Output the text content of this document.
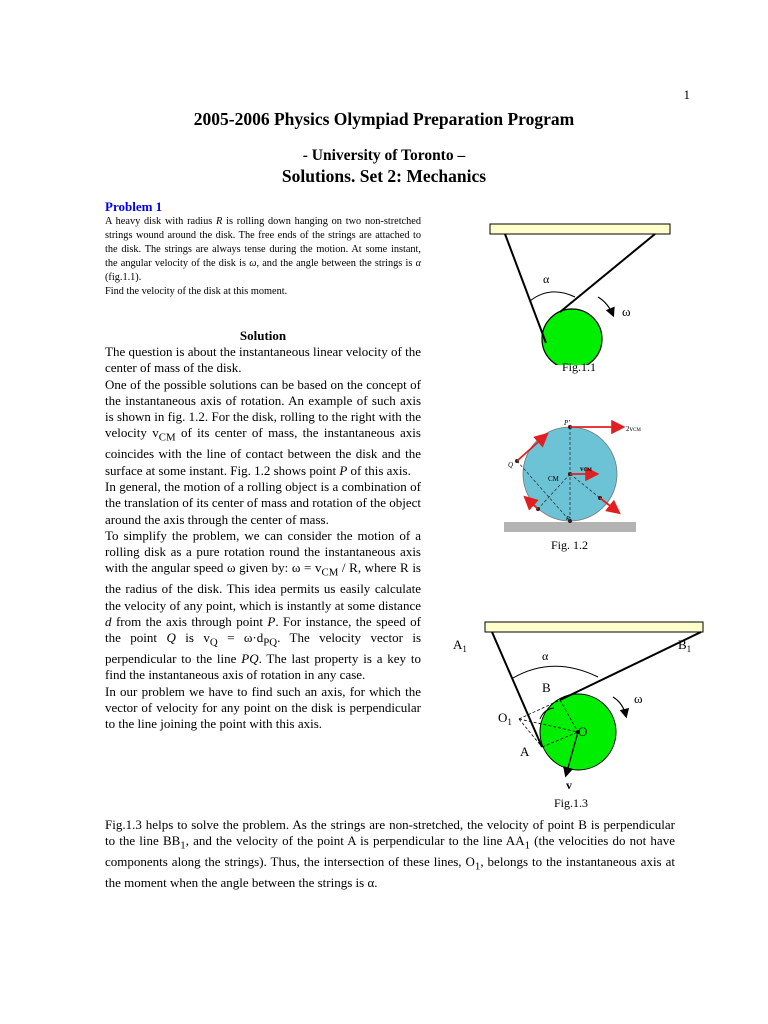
1
2005-2006 Physics Olympiad Preparation Program
- University of Toronto –
Solutions. Set 2: Mechanics
Problem 1
A heavy disk with radius R is rolling down hanging on two non-stretched strings wound around the disk. The free ends of the strings are attached to the disk. The strings are always tense during the motion. At some instant, the angular velocity of the disk is ω, and the angle between the strings is α (fig.1.1).
Find the velocity of the disk at this moment.
Solution

The question is about the instantaneous linear velocity of the center of mass of the disk.

One of the possible solutions can be based on the concept of the instantaneous axis of rotation. An example of such axis is shown in fig. 1.2. For the disk, rolling to the right with the velocity $v_{CM}$ of its center of mass, the instantaneous axis coincides with the line of contact between the disk and the surface at some instant. Fig. 1.2 shows point P of this axis.

In general, the motion of a rolling object is a combination of the translation of its center of mass and rotation of the object around the axis through the center of mass.

To simplify the problem, we can consider the motion of a rolling disk as a pure rotation round the instantaneous axis with the angular speed ω given by: $\omega = v_{CM} / R$, where R is the radius of the disk. This idea permits us easily calculate the velocity of any point, which is instantly at some distance d from the axis through point P. For instance, the speed of the point Q is $v_Q = \omega\cdot d_{PQ}$. The velocity vector is perpendicular to the line PQ. The last property is a key to find the instantaneous axis of rotation in any case.

In our problem we have to find such an axis, for which the vector of velocity for any point on the disk is perpendicular to the line joining the point with this axis.

Fig.1.3 helps to solve the problem. As the strings are non-stretched, the velocity of point B is perpendicular to the line $BB_1$, and the velocity of the point A is perpendicular to the line $AA_1$ (the velocities do not have components along the strings). Thus, the intersection of these lines, $O_1$, belongs to the instantaneous axis at the moment when the angle between the strings is α.
α
ω
Fig.1.1
P'
2vCM
vCM
CM
Q
P
Fig. 1.2
$A_1$	$B_1$
α
B
ω
$O_1$
O
A
v
Fig.1.3
